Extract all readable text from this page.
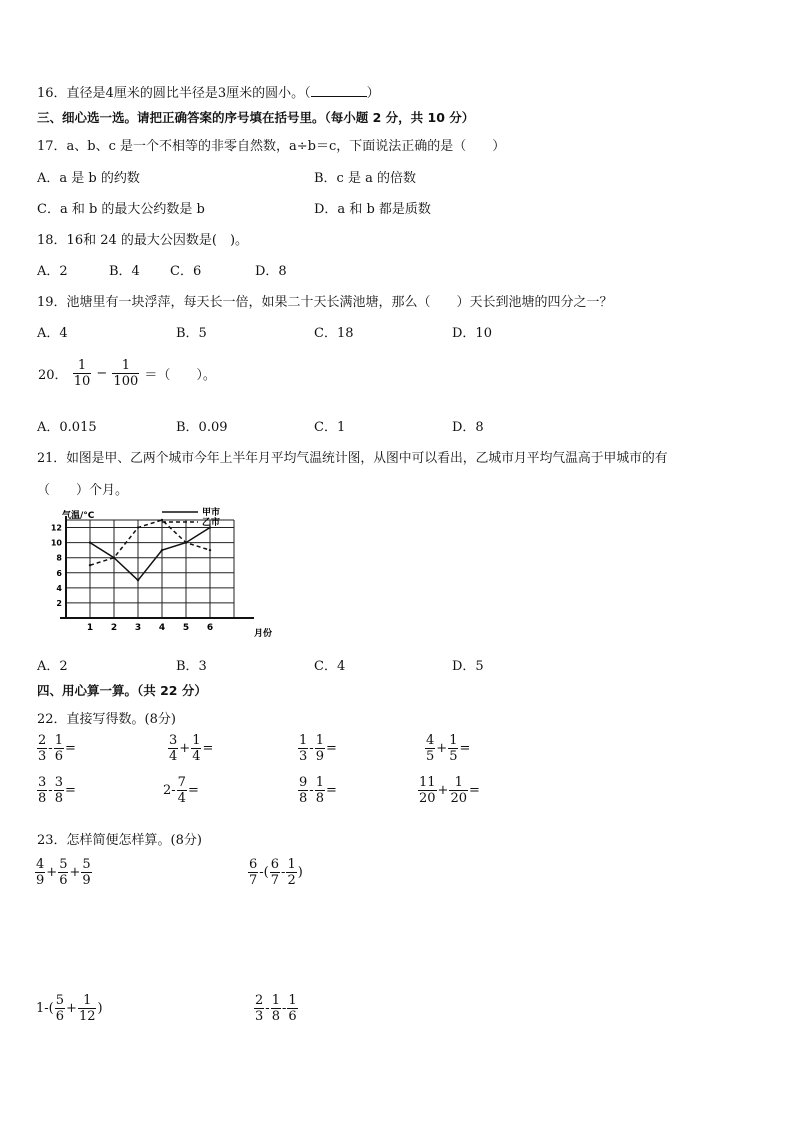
16．直径是4厘米的圆比半径是3厘米的圆小。（	）
三、细心选一选。请把正确答案的序号填在括号里。（每小题 2 分，共 10 分）
17．a、b、c 是一个不相等的非零自然数，a÷b＝c，下面说法正确的是（　　）
A．a 是 b 的约数	B．c 是 a 的倍数
C．a 和 b 的最大公约数是 b	D．a 和 b 都是质数
18．16和 24 的最大公因数是(　)。
A．2	B．4 C．6	D．8
19．池塘里有一块浮萍，每天长一倍，如果二十天长满池塘，那么（　　）天长到池塘的四分之一？
A．4	B．5	C．18	D．10
20． $\frac{1}{10} - \frac{1}{100}$ ＝（　　）。
A．0.015	B．0.09	C．1	D．8
21．如图是甲、乙两个城市今年上半年月平均气温统计图，从图中可以看出，乙城市月平均气温高于甲城市的有
（　　）个月。
2
4
6
8
10
12
1 2 3 4 5 6
气温/°C
月份
甲市
乙市
A．2	B．3	C．4	D．5
四、用心算一算。（共 22 分）
22．直接写得数。(8分)
$\frac{2}{3} - \frac{1}{6}$ =	$\frac{3}{4} + \frac{1}{4}$ =	$\frac{1}{3} - \frac{1}{9}$ =	$\frac{4}{5} + \frac{1}{5}$ =
$\frac{3}{8} - \frac{3}{8}$ =	$2- \frac{7}{4}$ =	$\frac{9}{8} - \frac{1}{8}$ =	$\frac{11}{20} + \frac{1}{20}$ =
23．怎样简便怎样算。(8分)
$\frac{4}{9} + \frac{5}{6} + \frac{5}{9}$	$\frac{6}{7}$ -( $\frac{6}{7} - \frac{1}{2}$ )
$1-( \frac{5}{6} + \frac{1}{12}$ )	$\frac{2}{3} - \frac{1}{8} - \frac{1}{6}$
